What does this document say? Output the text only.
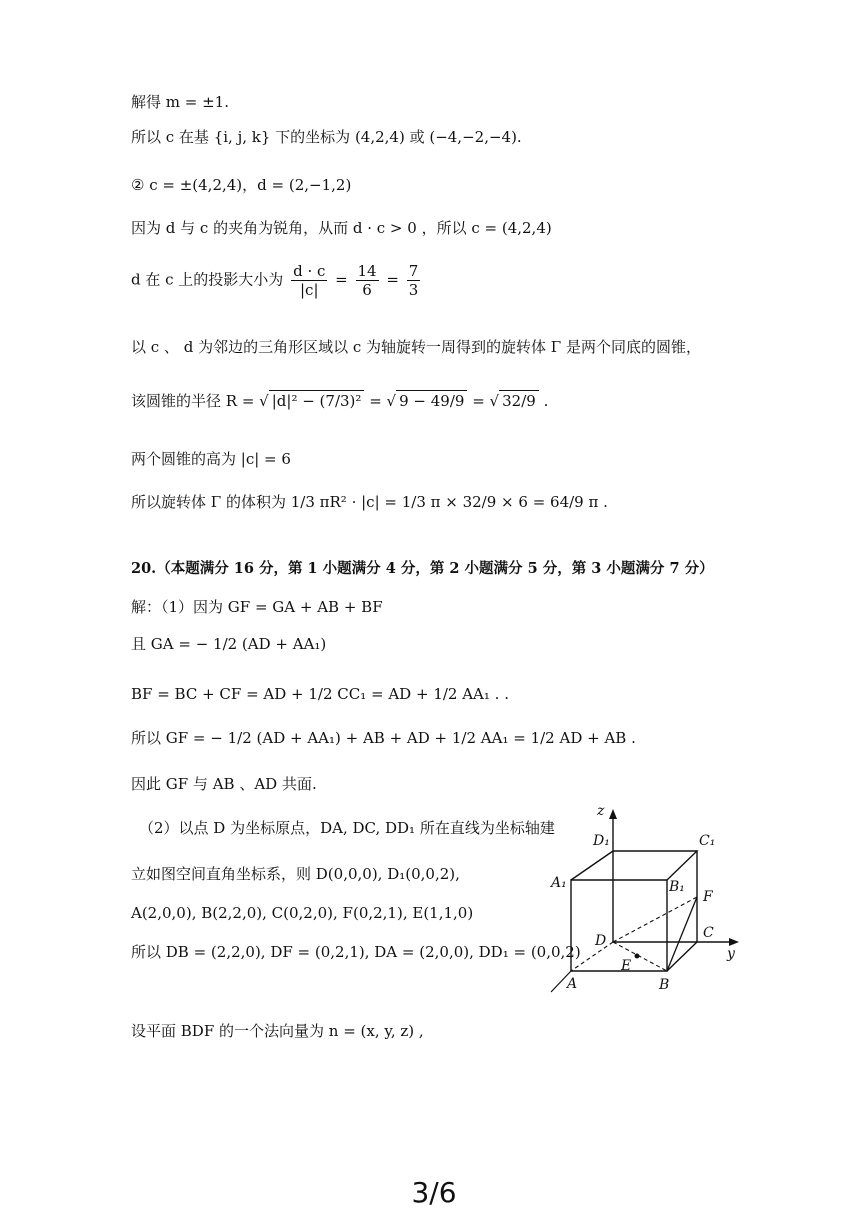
解得 m = ±1.
所以 c 在基 {i, j, k} 下的坐标为 (4,2,4) 或 (−4,−2,−4).
② c = ±(4,2,4)，d = (2,−1,2)
因为 d 与 c 的夹角为锐角，从而 d · c > 0 ，所以 c = (4,2,4)
d 在 c 上的投影大小为 $\frac{d \cdot c}{|c|} = \frac{14}{6} = \frac{7}{3}$
以 c 、 d 为邻边的三角形区域以 c 为轴旋转一周得到的旋转体 Γ 是两个同底的圆锥，
该圆锥的半径 R = √ |d|² − (7/3)² = √ 9 − 49/9 = √ 32/9 .
两个圆锥的高为 |c| = 6
所以旋转体 Γ 的体积为 1/3 πR² · |c| = 1/3 π × 32/9 × 6 = 64/9 π .
20.（本题满分 16 分，第 1 小题满分 4 分，第 2 小题满分 5 分，第 3 小题满分 7 分）
解：（1）因为 GF = GA + AB + BF
且 GA = − 1/2 (AD + AA₁)
BF = BC + CF = AD + 1/2 CC₁ = AD + 1/2 AA₁ . .
所以 GF = − 1/2 (AD + AA₁) + AB + AD + 1/2 AA₁ = 1/2 AD + AB .
因此 GF 与 AB 、AD 共面.
（2）以点 D 为坐标原点，DA, DC, DD₁ 所在直线为坐标轴建
立如图空间直角坐标系，则 D(0,0,0), D₁(0,0,2),
A(2,0,0), B(2,2,0), C(0,2,0), F(0,2,1), E(1,1,0)
所以 DB = (2,2,0), DF = (0,2,1), DA = (2,0,0), DD₁ = (0,0,2)
设平面 BDF 的一个法向量为 n = (x, y, z) ,
z
D₁	C₁
A₁	B₁
F
D	C
y
E
A	B
3/6
